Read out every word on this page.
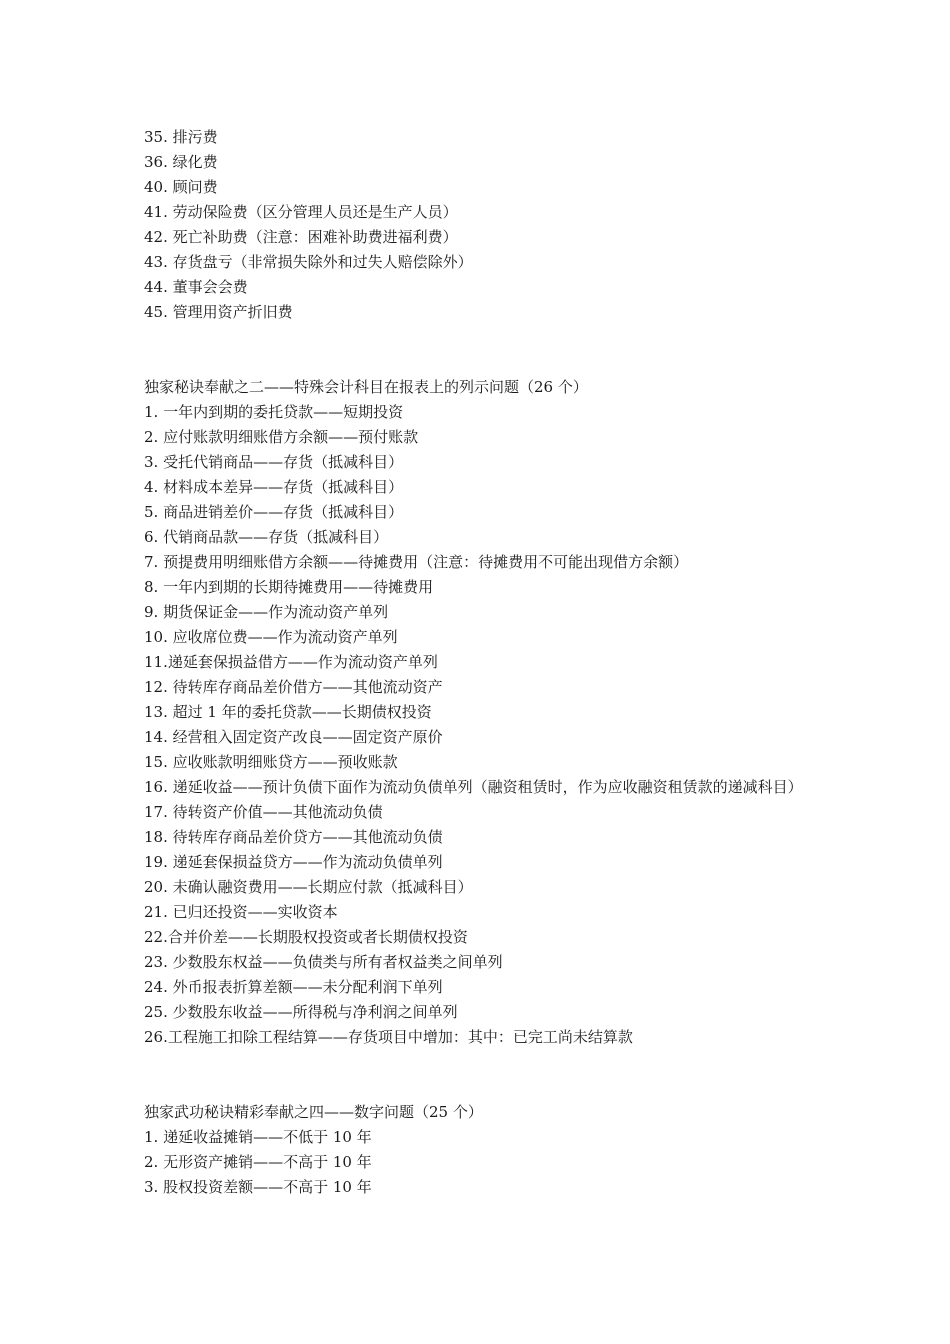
35. 排污费
36. 绿化费
40. 顾问费
41. 劳动保险费（区分管理人员还是生产人员）
42. 死亡补助费（注意：困难补助费进福利费）
43. 存货盘亏（非常损失除外和过失人赔偿除外）
44. 董事会会费
45. 管理用资产折旧费
独家秘诀奉献之二——特殊会计科目在报表上的列示问题（26 个）
1. 一年内到期的委托贷款——短期投资
2. 应付账款明细账借方余额——预付账款
3. 受托代销商品——存货（抵减科目）
4. 材料成本差异——存货（抵减科目）
5. 商品进销差价——存货（抵减科目）
6. 代销商品款——存货（抵减科目）
7. 预提费用明细账借方余额——待摊费用（注意：待摊费用不可能出现借方余额）
8. 一年内到期的长期待摊费用——待摊费用
9. 期货保证金——作为流动资产单列
10. 应收席位费——作为流动资产单列
11.递延套保损益借方——作为流动资产单列
12. 待转库存商品差价借方——其他流动资产
13. 超过 1 年的委托贷款——长期债权投资
14. 经营租入固定资产改良——固定资产原价
15. 应收账款明细账贷方——预收账款
16. 递延收益——预计负债下面作为流动负债单列（融资租赁时，作为应收融资租赁款的递减科目）
17. 待转资产价值——其他流动负债
18. 待转库存商品差价贷方——其他流动负债
19. 递延套保损益贷方——作为流动负债单列
20. 未确认融资费用——长期应付款（抵减科目）
21. 已归还投资——实收资本
22.合并价差——长期股权投资或者长期债权投资
23. 少数股东权益——负债类与所有者权益类之间单列
24. 外币报表折算差额——未分配利润下单列
25. 少数股东收益——所得税与净利润之间单列
26.工程施工扣除工程结算——存货项目中增加：其中：已完工尚未结算款
独家武功秘诀精彩奉献之四——数字问题（25 个）
1. 递延收益摊销——不低于 10 年
2. 无形资产摊销——不高于 10 年
3. 股权投资差额——不高于 10 年
